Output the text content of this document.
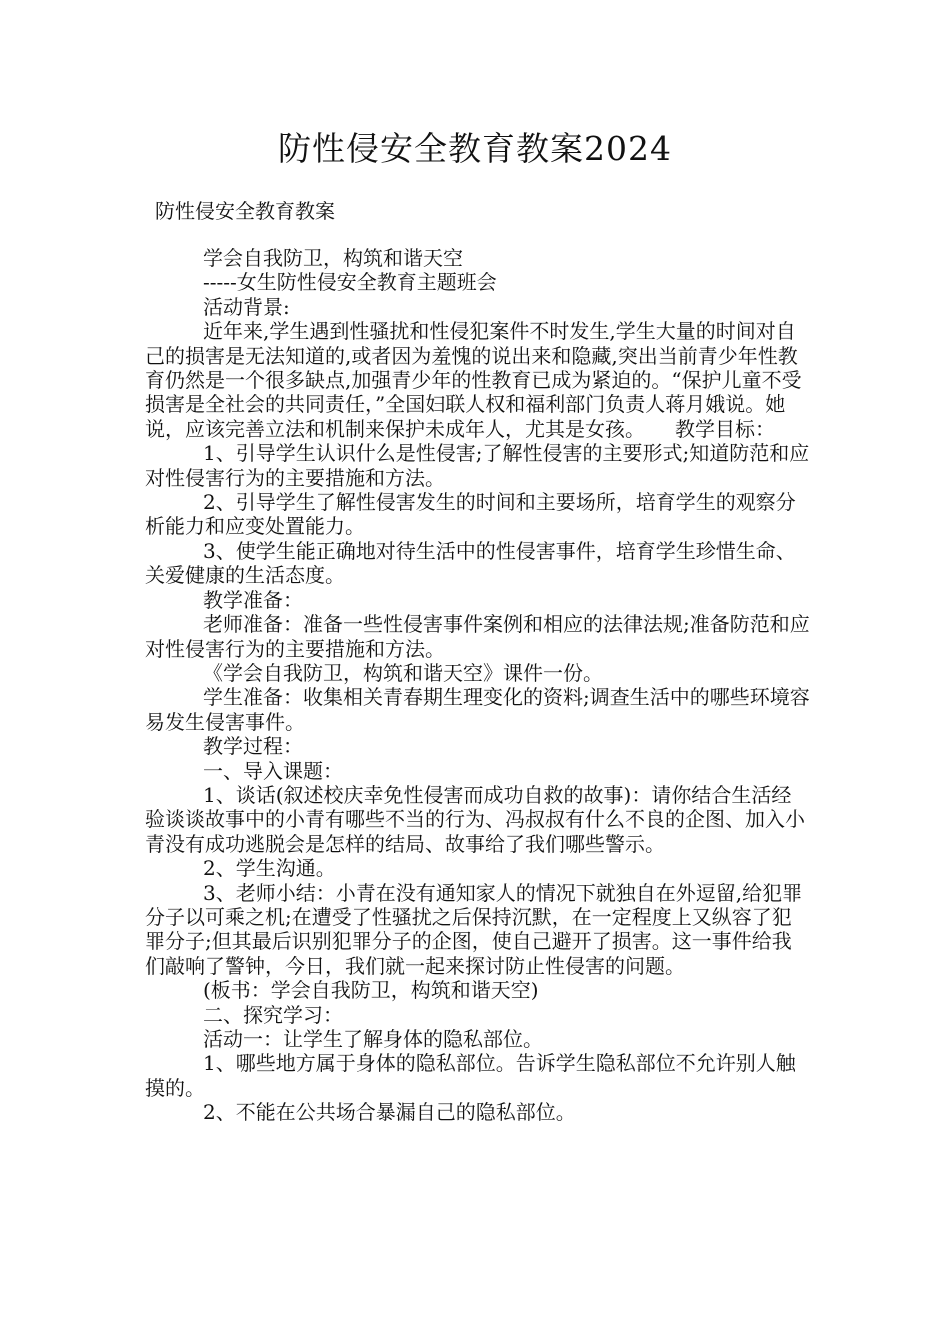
防性侵安全教育教案2024
防性侵安全教育教案

学会自我防卫，构筑和谐天空

-----女生防性侵安全教育主题班会

活动背景:

近年来,学生遇到性骚扰和性侵犯案件不时发生,学生大量的时间对自己的损害是无法知道的,或者因为羞愧的说出来和隐藏,突出当前青少年性教育仍然是一个很多缺点,加强青少年的性教育已成为紧迫的。“保护儿童不受损害是全社会的共同责任，”全国妇联人权和福利部门负责人蒋月娥说。她说，应该完善立法和机制来保护未成年人，尤其是女孩。　　教学目标：

1、引导学生认识什么是性侵害;了解性侵害的主要形式;知道防范和应对性侵害行为的主要措施和方法。

2、引导学生了解性侵害发生的时间和主要场所，培育学生的观察分析能力和应变处置能力。

3、使学生能正确地对待生活中的性侵害事件，培育学生珍惜生命、关爱健康的生活态度。

教学准备：

老师准备：准备一些性侵害事件案例和相应的法律法规;准备防范和应对性侵害行为的主要措施和方法。

《学会自我防卫，构筑和谐天空》课件一份。

学生准备：收集相关青春期生理变化的资料;调查生活中的哪些环境容易发生侵害事件。

教学过程：

一、导入课题：

1、谈话(叙述校庆幸免性侵害而成功自救的故事)：请你结合生活经验谈谈故事中的小青有哪些不当的行为、冯叔叔有什么不良的企图、加入小青没有成功逃脱会是怎样的结局、故事给了我们哪些警示。

2、学生沟通。

3、老师小结：小青在没有通知家人的情况下就独自在外逗留,给犯罪分子以可乘之机;在遭受了性骚扰之后保持沉默，在一定程度上又纵容了犯罪分子;但其最后识别犯罪分子的企图，使自己避开了损害。这一事件给我们敲响了警钟，今日，我们就一起来探讨防止性侵害的问题。

(板书：学会自我防卫，构筑和谐天空)

二、探究学习：

活动一：让学生了解身体的隐私部位。

1、哪些地方属于身体的隐私部位。告诉学生隐私部位不允许别人触摸的。

2、不能在公共场合暴漏自己的隐私部位。
